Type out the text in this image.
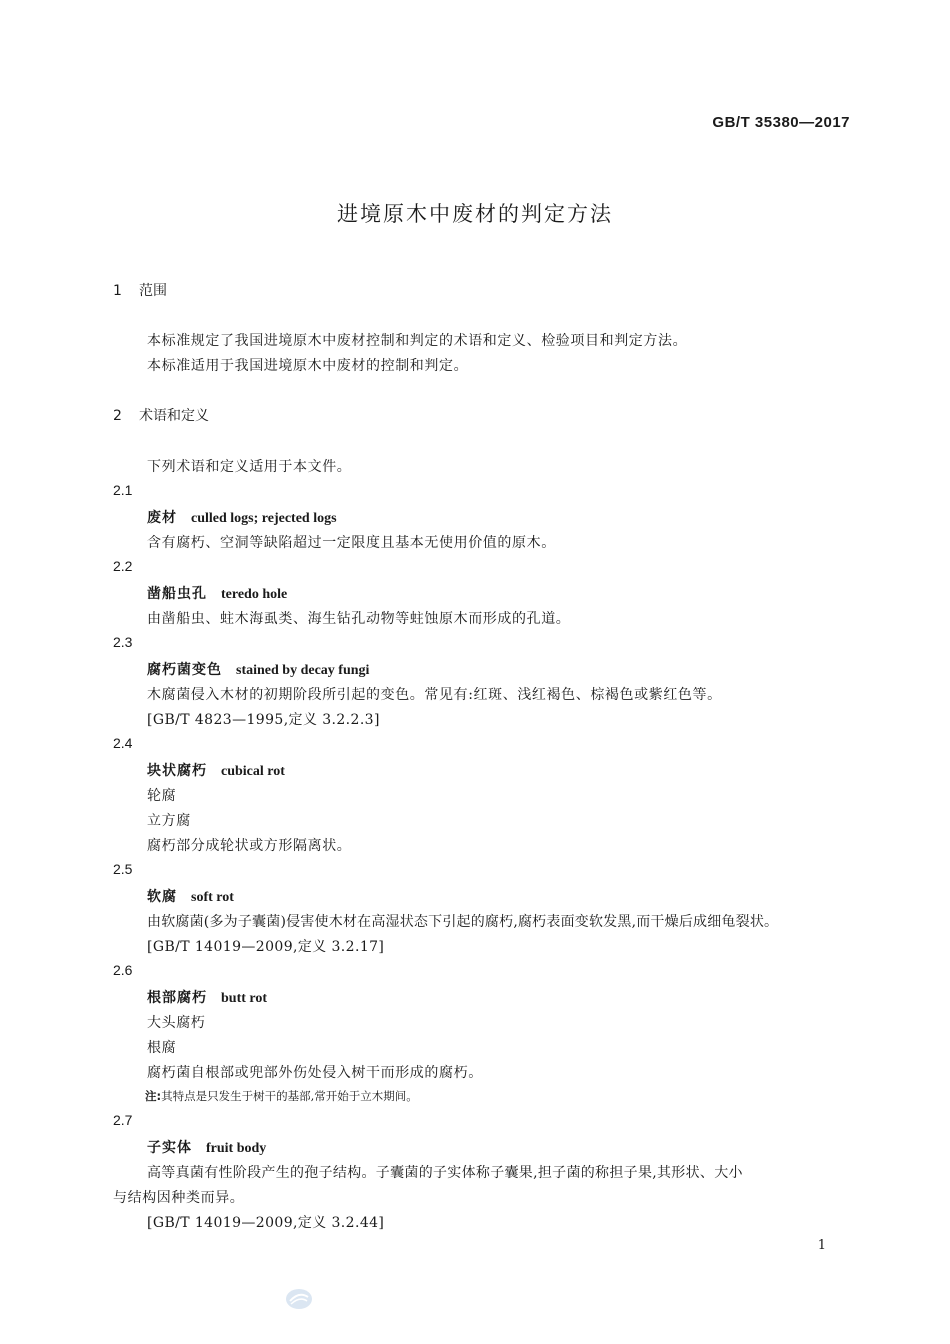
GB/T 35380—2017
进境原木中废材的判定方法
1 范围
本标准规定了我国进境原木中废材控制和判定的术语和定义、检验项目和判定方法。
本标准适用于我国进境原木中废材的控制和判定。
2 术语和定义
下列术语和定义适用于本文件。
2.1
废材 culled logs; rejected logs
含有腐朽、空洞等缺陷超过一定限度且基本无使用价值的原木。
2.2
凿船虫孔 teredo hole
由凿船虫、蛀木海虱类、海生钻孔动物等蛀蚀原木而形成的孔道。
2.3
腐朽菌变色 stained by decay fungi
木腐菌侵入木材的初期阶段所引起的变色。常见有:红斑、浅红褐色、棕褐色或紫红色等。
[GB/T 4823—1995,定义 3.2.2.3]
2.4
块状腐朽 cubical rot
轮腐
立方腐
腐朽部分成轮状或方形隔离状。
2.5
软腐 soft rot
由软腐菌(多为子囊菌)侵害使木材在高湿状态下引起的腐朽,腐朽表面变软发黑,而干燥后成细龟裂状。
[GB/T 14019—2009,定义 3.2.17]
2.6
根部腐朽 butt rot
大头腐朽
根腐
腐朽菌自根部或兜部外伤处侵入树干而形成的腐朽。
注:其特点是只发生于树干的基部,常开始于立木期间。
2.7
子实体 fruit body
高等真菌有性阶段产生的孢子结构。子囊菌的子实体称子囊果,担子菌的称担子果,其形状、大小
与结构因种类而异。
[GB/T 14019—2009,定义 3.2.44]
1
